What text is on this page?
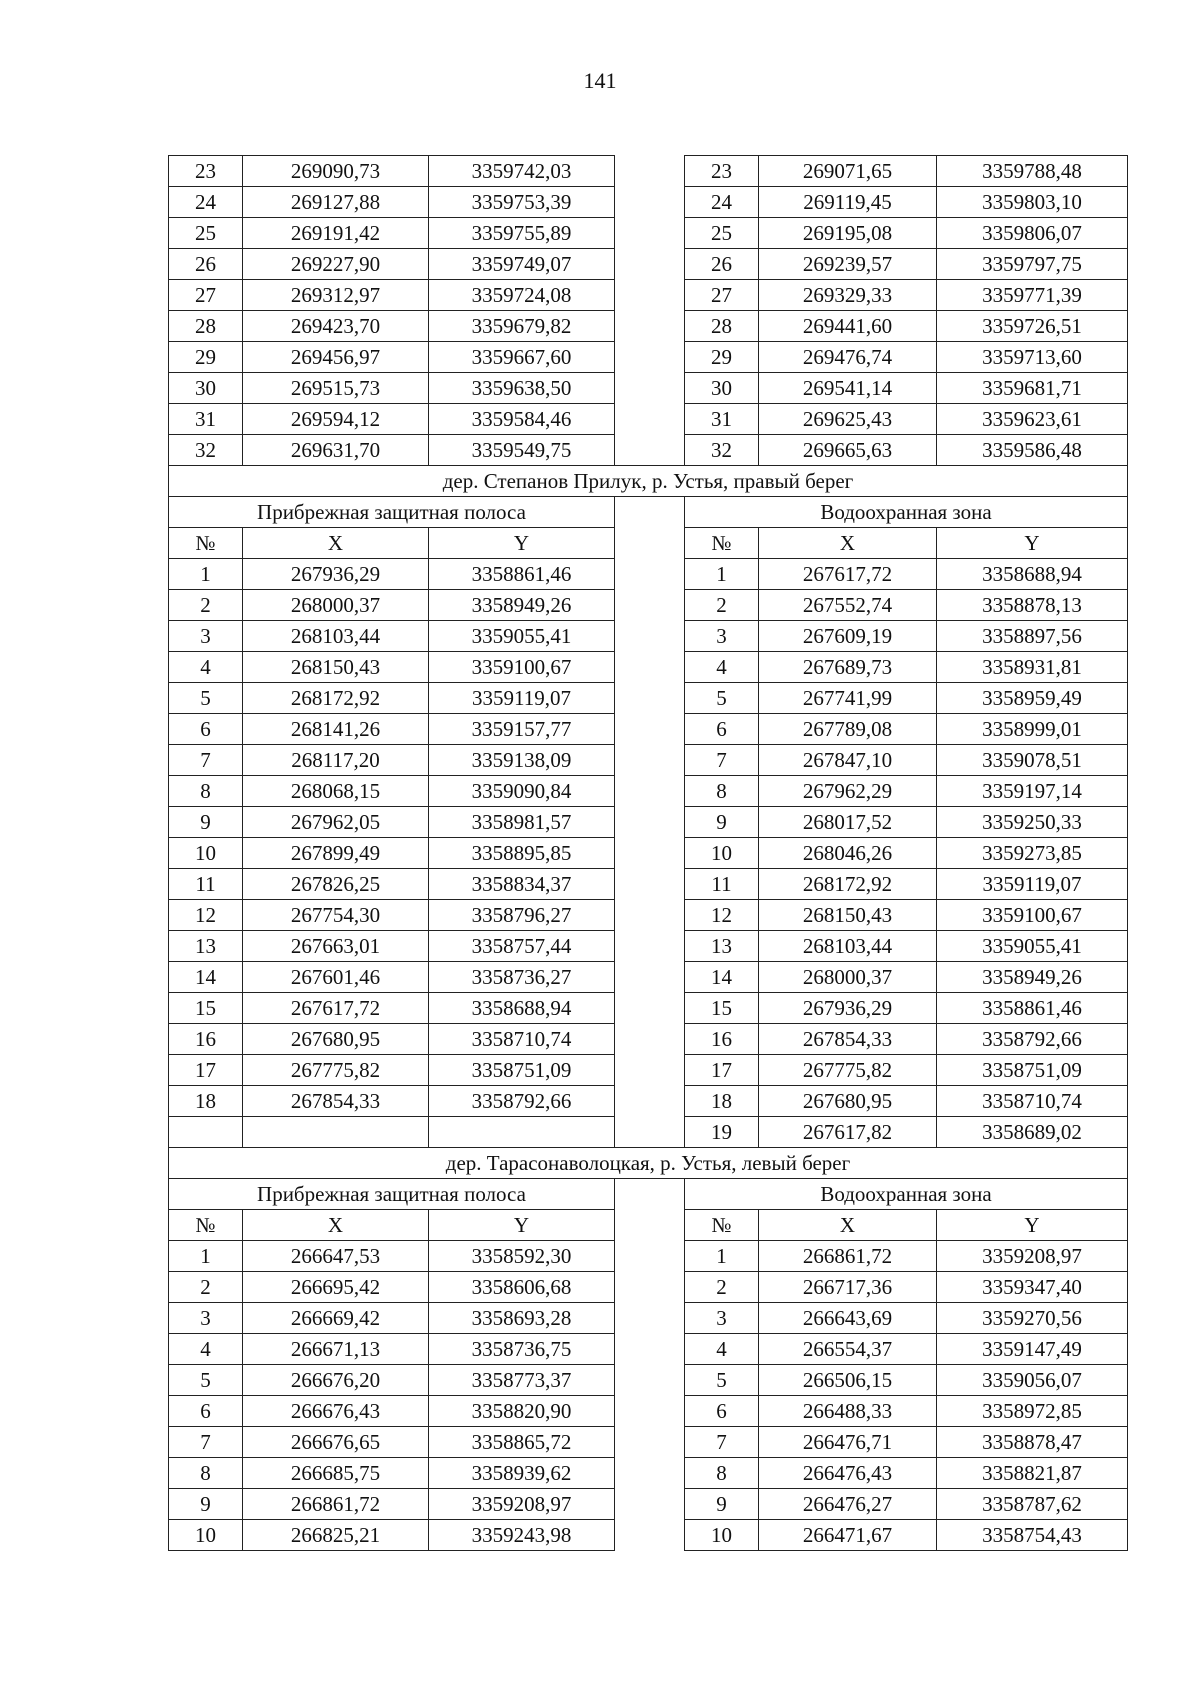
141
23	269090,73	3359742,03		23	269071,65	3359788,48
24	269127,88	3359753,39		24	269119,45	3359803,10
25	269191,42	3359755,89		25	269195,08	3359806,07
26	269227,90	3359749,07		26	269239,57	3359797,75
27	269312,97	3359724,08		27	269329,33	3359771,39
28	269423,70	3359679,82		28	269441,60	3359726,51
29	269456,97	3359667,60		29	269476,74	3359713,60
30	269515,73	3359638,50		30	269541,14	3359681,71
31	269594,12	3359584,46		31	269625,43	3359623,61
32	269631,70	3359549,75		32	269665,63	3359586,48
дер. Степанов Прилук, р. Устья, правый берег						
Прибрежная защитная полоса				Водоохранная зона		
№	X	Y		№	X	Y
1	267936,29	3358861,46		1	267617,72	3358688,94
2	268000,37	3358949,26		2	267552,74	3358878,13
3	268103,44	3359055,41		3	267609,19	3358897,56
4	268150,43	3359100,67		4	267689,73	3358931,81
5	268172,92	3359119,07		5	267741,99	3358959,49
6	268141,26	3359157,77		6	267789,08	3358999,01
7	268117,20	3359138,09		7	267847,10	3359078,51
8	268068,15	3359090,84		8	267962,29	3359197,14
9	267962,05	3358981,57		9	268017,52	3359250,33
10	267899,49	3358895,85		10	268046,26	3359273,85
11	267826,25	3358834,37		11	268172,92	3359119,07
12	267754,30	3358796,27		12	268150,43	3359100,67
13	267663,01	3358757,44		13	268103,44	3359055,41
14	267601,46	3358736,27		14	268000,37	3358949,26
15	267617,72	3358688,94		15	267936,29	3358861,46
16	267680,95	3358710,74		16	267854,33	3358792,66
17	267775,82	3358751,09		17	267775,82	3358751,09
18	267854,33	3358792,66		18	267680,95	3358710,74
				19	267617,82	3358689,02
дер. Тарасонаволоцкая, р. Устья, левый берег						
Прибрежная защитная полоса				Водоохранная зона		
№	X	Y		№	X	Y
1	266647,53	3358592,30		1	266861,72	3359208,97
2	266695,42	3358606,68		2	266717,36	3359347,40
3	266669,42	3358693,28		3	266643,69	3359270,56
4	266671,13	3358736,75		4	266554,37	3359147,49
5	266676,20	3358773,37		5	266506,15	3359056,07
6	266676,43	3358820,90		6	266488,33	3358972,85
7	266676,65	3358865,72		7	266476,71	3358878,47
8	266685,75	3358939,62		8	266476,43	3358821,87
9	266861,72	3359208,97		9	266476,27	3358787,62
10	266825,21	3359243,98		10	266471,67	3358754,43
